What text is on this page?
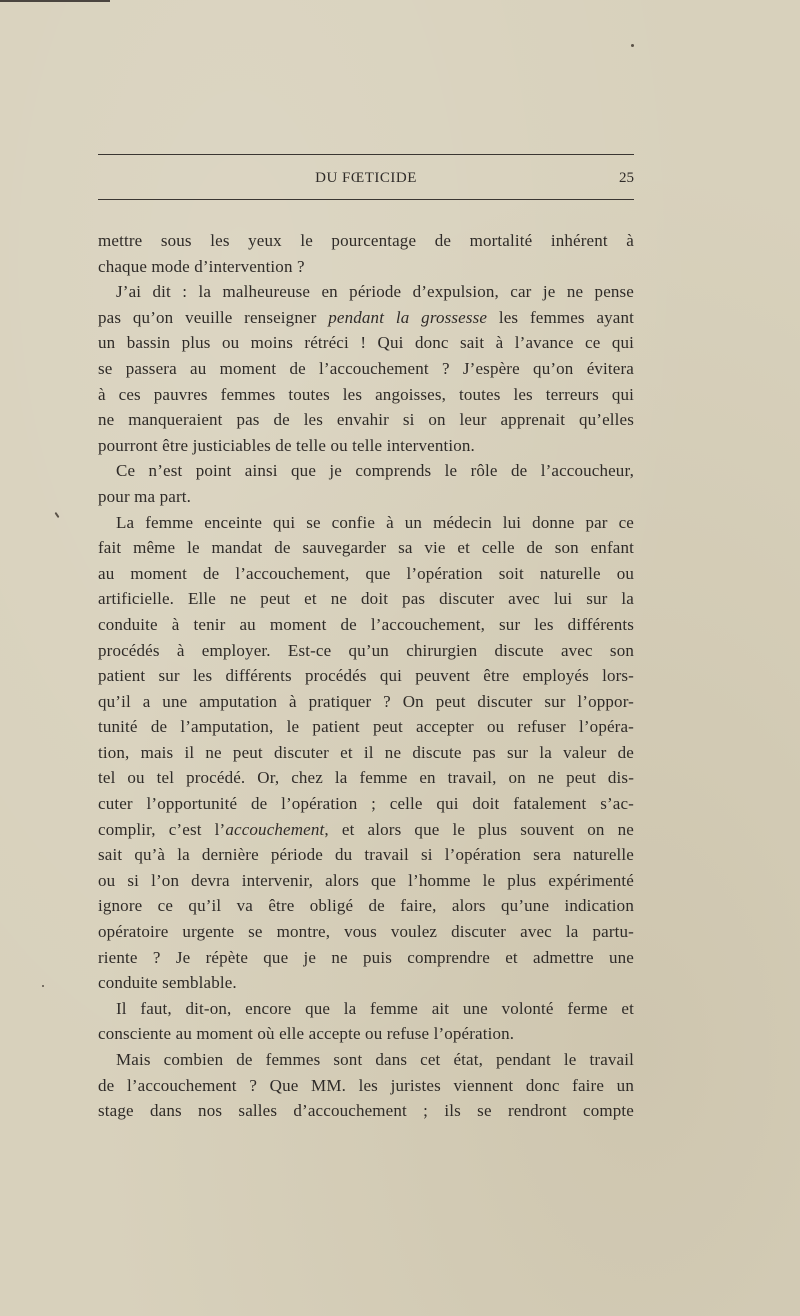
DU FŒTICIDE	25
mettre sous les yeux le pourcentage de mortalité inhérent à
chaque mode d’intervention ?
J’ai dit : la malheureuse en période d’expulsion, car je ne pense
pas qu’on veuille renseigner pendant la grossesse les femmes ayant
un bassin plus ou moins rétréci ! Qui donc sait à l’avance ce qui
se passera au moment de l’accouchement ? J’espère qu’on évitera
à ces pauvres femmes toutes les angoisses, toutes les terreurs qui
ne manqueraient pas de les envahir si on leur apprenait qu’elles
pourront être justiciables de telle ou telle intervention.
Ce n’est point ainsi que je comprends le rôle de l’accoucheur,
pour ma part.
La femme enceinte qui se confie à un médecin lui donne par ce
fait même le mandat de sauvegarder sa vie et celle de son enfant
au moment de l’accouchement, que l’opération soit naturelle ou
artificielle. Elle ne peut et ne doit pas discuter avec lui sur la
conduite à tenir au moment de l’accouchement, sur les différents
procédés à employer. Est-ce qu’un chirurgien discute avec son
patient sur les différents procédés qui peuvent être employés lors-
qu’il a une amputation à pratiquer ? On peut discuter sur l’oppor-
tunité de l’amputation, le patient peut accepter ou refuser l’opéra-
tion, mais il ne peut discuter et il ne discute pas sur la valeur de
tel ou tel procédé. Or, chez la femme en travail, on ne peut dis-
cuter l’opportunité de l’opération ; celle qui doit fatalement s’ac-
complir, c’est l’accouchement, et alors que le plus souvent on ne
sait qu’à la dernière période du travail si l’opération sera naturelle
ou si l’on devra intervenir, alors que l’homme le plus expérimenté
ignore ce qu’il va être obligé de faire, alors qu’une indication
opératoire urgente se montre, vous voulez discuter avec la partu-
riente ? Je répète que je ne puis comprendre et admettre une
conduite semblable.
Il faut, dit-on, encore que la femme ait une volonté ferme et
consciente au moment où elle accepte ou refuse l’opération.
Mais combien de femmes sont dans cet état, pendant le travail
de l’accouchement ? Que MM. les juristes viennent donc faire un
stage dans nos salles d’accouchement ; ils se rendront compte
